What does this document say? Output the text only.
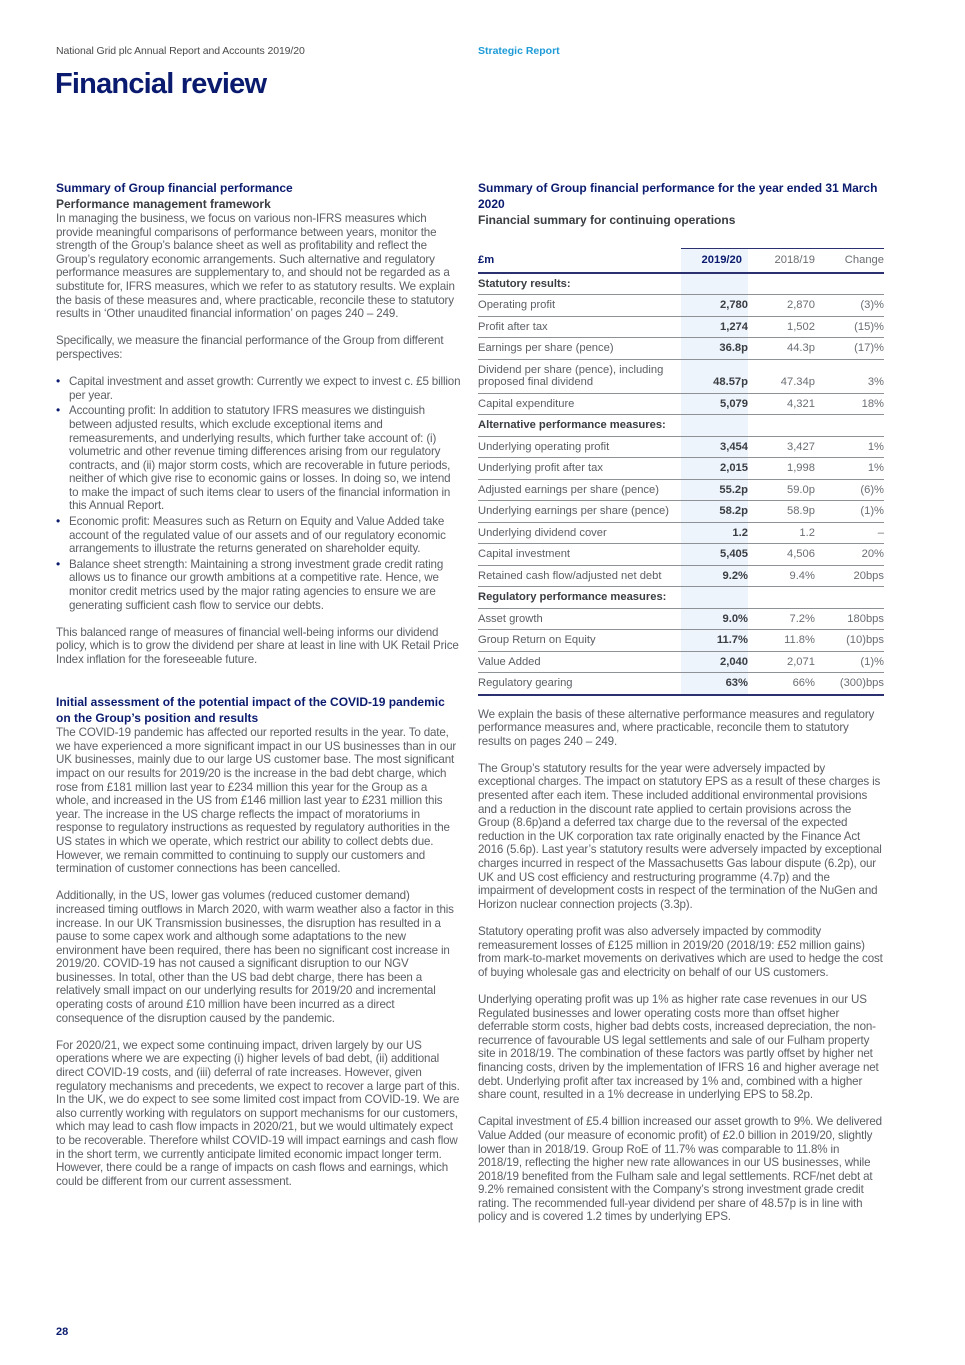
National Grid plc Annual Report and Accounts 2019/20	Strategic Report
Financial review
Summary of Group financial performance
Performance management framework

In managing the business, we focus on various non-IFRS measures which provide meaningful comparisons of performance between years, monitor the strength of the Group’s balance sheet as well as profitability and reflect the Group’s regulatory economic arrangements. Such alternative and regulatory performance measures are supplementary to, and should not be regarded as a substitute for, IFRS measures, which we refer to as statutory results. We explain the basis of these measures and, where practicable, reconcile these to statutory results in ‘Other unaudited financial information’ on pages 240 – 249.

Specifically, we measure the financial performance of the Group from different perspectives:

• Capital investment and asset growth: Currently we expect to invest c. £5 billion per year.
• Accounting profit: In addition to statutory IFRS measures we distinguish between adjusted results, which exclude exceptional items and remeasurements, and underlying results, which further take account of: (i) volumetric and other revenue timing differences arising from our regulatory contracts, and (ii) major storm costs, which are recoverable in future periods, neither of which give rise to economic gains or losses. In doing so, we intend to make the impact of such items clear to users of the financial information in this Annual Report.
• Economic profit: Measures such as Return on Equity and Value Added take account of the regulated value of our assets and of our regulatory economic arrangements to illustrate the returns generated on shareholder equity.
• Balance sheet strength: Maintaining a strong investment grade credit rating allows us to finance our growth ambitions at a competitive rate. Hence, we monitor credit metrics used by the major rating agencies to ensure we are generating sufficient cash flow to service our debts.

This balanced range of measures of financial well-being informs our dividend policy, which is to grow the dividend per share at least in line with UK Retail Price Index inflation for the foreseeable future.

Initial assessment of the potential impact of the COVID-19 pandemic on the Group’s position and results

The COVID-19 pandemic has affected our reported results in the year. To date, we have experienced a more significant impact in our US businesses than in our UK businesses, mainly due to our large US customer base. The most significant impact on our results for 2019/20 is the increase in the bad debt charge, which rose from £181 million last year to £234 million this year for the Group as a whole, and increased in the US from £146 million last year to £231 million this year. The increase in the US charge reflects the impact of moratoriums in response to regulatory instructions as requested by regulatory authorities in the US states in which we operate, which restrict our ability to collect debts due. However, we remain committed to continuing to supply our customers and termination of customer connections has been cancelled.

Additionally, in the US, lower gas volumes (reduced customer demand) increased timing outflows in March 2020, with warm weather also a factor in this increase. In our UK Transmission businesses, the disruption has resulted in a pause to some capex work and although some adaptations to the new environment have been required, there has been no significant cost increase in 2019/20. COVID-19 has not caused a significant disruption to our NGV businesses. In total, other than the US bad debt charge, there has been a relatively small impact on our underlying results for 2019/20 and incremental operating costs of around £10 million have been incurred as a direct consequence of the disruption caused by the pandemic.

For 2020/21, we expect some continuing impact, driven largely by our US operations where we are expecting (i) higher levels of bad debt, (ii) additional direct COVID-19 costs, and (iii) deferral of rate increases. However, given regulatory mechanisms and precedents, we expect to recover a large part of this. In the UK, we do expect to see some limited cost impact from COVID-19. We are also currently working with regulators on support mechanisms for our customers, which may lead to cash flow impacts in 2020/21, but we would ultimately expect to be recoverable. Therefore whilst COVID-19 will impact earnings and cash flow in the short term, we currently anticipate limited economic impact longer term. However, there could be a range of impacts on cash flows and earnings, which could be different from our current assessment.

Summary of Group financial performance for the year ended 31 March 2020
Financial summary for continuing operations
£m	2019/20	2018/19	Change
Statutory results:			
Operating profit	2,780	2,870	(3)%
Profit after tax	1,274	1,502	(15)%
Earnings per share (pence)	36.8p	44.3p	(17)%
Dividend per share (pence), including proposed final dividend	48.57p	47.34p	3%
Capital expenditure	5,079	4,321	18%
Alternative performance measures:			
Underlying operating profit	3,454	3,427	1%
Underlying profit after tax	2,015	1,998	1%
Adjusted earnings per share (pence)	55.2p	59.0p	(6)%
Underlying earnings per share (pence)	58.2p	58.9p	(1)%
Underlying dividend cover	1.2	1.2	–
Capital investment	5,405	4,506	20%
Retained cash flow/adjusted net debt	9.2%	9.4%	20bps
Regulatory performance measures:			
Asset growth	9.0%	7.2%	180bps
Group Return on Equity	11.7%	11.8%	(10)bps
Value Added	2,040	2,071	(1)%
Regulatory gearing	63%	66%	(300)bps

We explain the basis of these alternative performance measures and regulatory performance measures and, where practicable, reconcile them to statutory results on pages 240 – 249.

The Group’s statutory results for the year were adversely impacted by exceptional charges. The impact on statutory EPS as a result of these charges is presented after each item. These included additional environmental provisions and a reduction in the discount rate applied to certain provisions across the Group (8.6p)and a deferred tax charge due to the reversal of the expected reduction in the UK corporation tax rate originally enacted by the Finance Act 2016 (5.6p). Last year’s statutory results were adversely impacted by exceptional charges incurred in respect of the Massachusetts Gas labour dispute (6.2p), our UK and US cost efficiency and restructuring programme (4.7p) and the impairment of development costs in respect of the termination of the NuGen and Horizon nuclear connection projects (3.3p).

Statutory operating profit was also adversely impacted by commodity remeasurement losses of £125 million in 2019/20 (2018/19: £52 million gains) from mark-to-market movements on derivatives which are used to hedge the cost of buying wholesale gas and electricity on behalf of our US customers.

Underlying operating profit was up 1% as higher rate case revenues in our US Regulated businesses and lower operating costs more than offset higher deferrable storm costs, higher bad debts costs, increased depreciation, the non-recurrence of favourable US legal settlements and sale of our Fulham property site in 2018/19. The combination of these factors was partly offset by higher net financing costs, driven by the implementation of IFRS 16 and higher average net debt. Underlying profit after tax increased by 1% and, combined with a higher share count, resulted in a 1% decrease in underlying EPS to 58.2p.

Capital investment of £5.4 billion increased our asset growth to 9%. We delivered Value Added (our measure of economic profit) of £2.0 billion in 2019/20, slightly lower than in 2018/19. Group RoE of 11.7% was comparable to 11.8% in 2018/19, reflecting the higher new rate allowances in our US businesses, while 2018/19 benefited from the Fulham sale and legal settlements. RCF/net debt at 9.2% remained consistent with the Company’s strong investment grade credit rating. The recommended full-year dividend per share of 48.57p is in line with policy and is covered 1.2 times by underlying EPS.

28
